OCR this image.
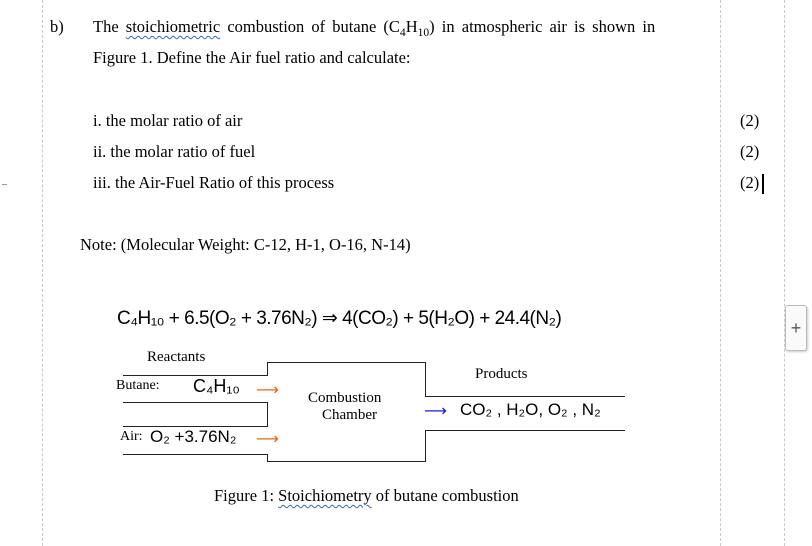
b) The stoichiometric combustion of butane $(C_4H_{10})$ in atmospheric air is shown in
Figure 1. Define the Air fuel ratio and calculate:
i. the molar ratio of air	(2)
ii. the molar ratio of fuel	(2)
iii. the Air-Fuel Ratio of this process	(2)
Note: (Molecular Weight: C-12, H-1, O-16, N-14)
C₄H₁₀ + 6.5(O₂ + 3.76N₂) ⇒ 4(CO₂) + 5(H₂O) + 24.4(N₂)
Reactants
Products
Butane: C₄H₁₀ ⟶
Air: O₂ +3.76N₂ ⟶
Combustion
Chamber	⟶ CO₂ , H₂O, O₂ , N₂
Figure 1: Stoichiometry of butane combustion
+
